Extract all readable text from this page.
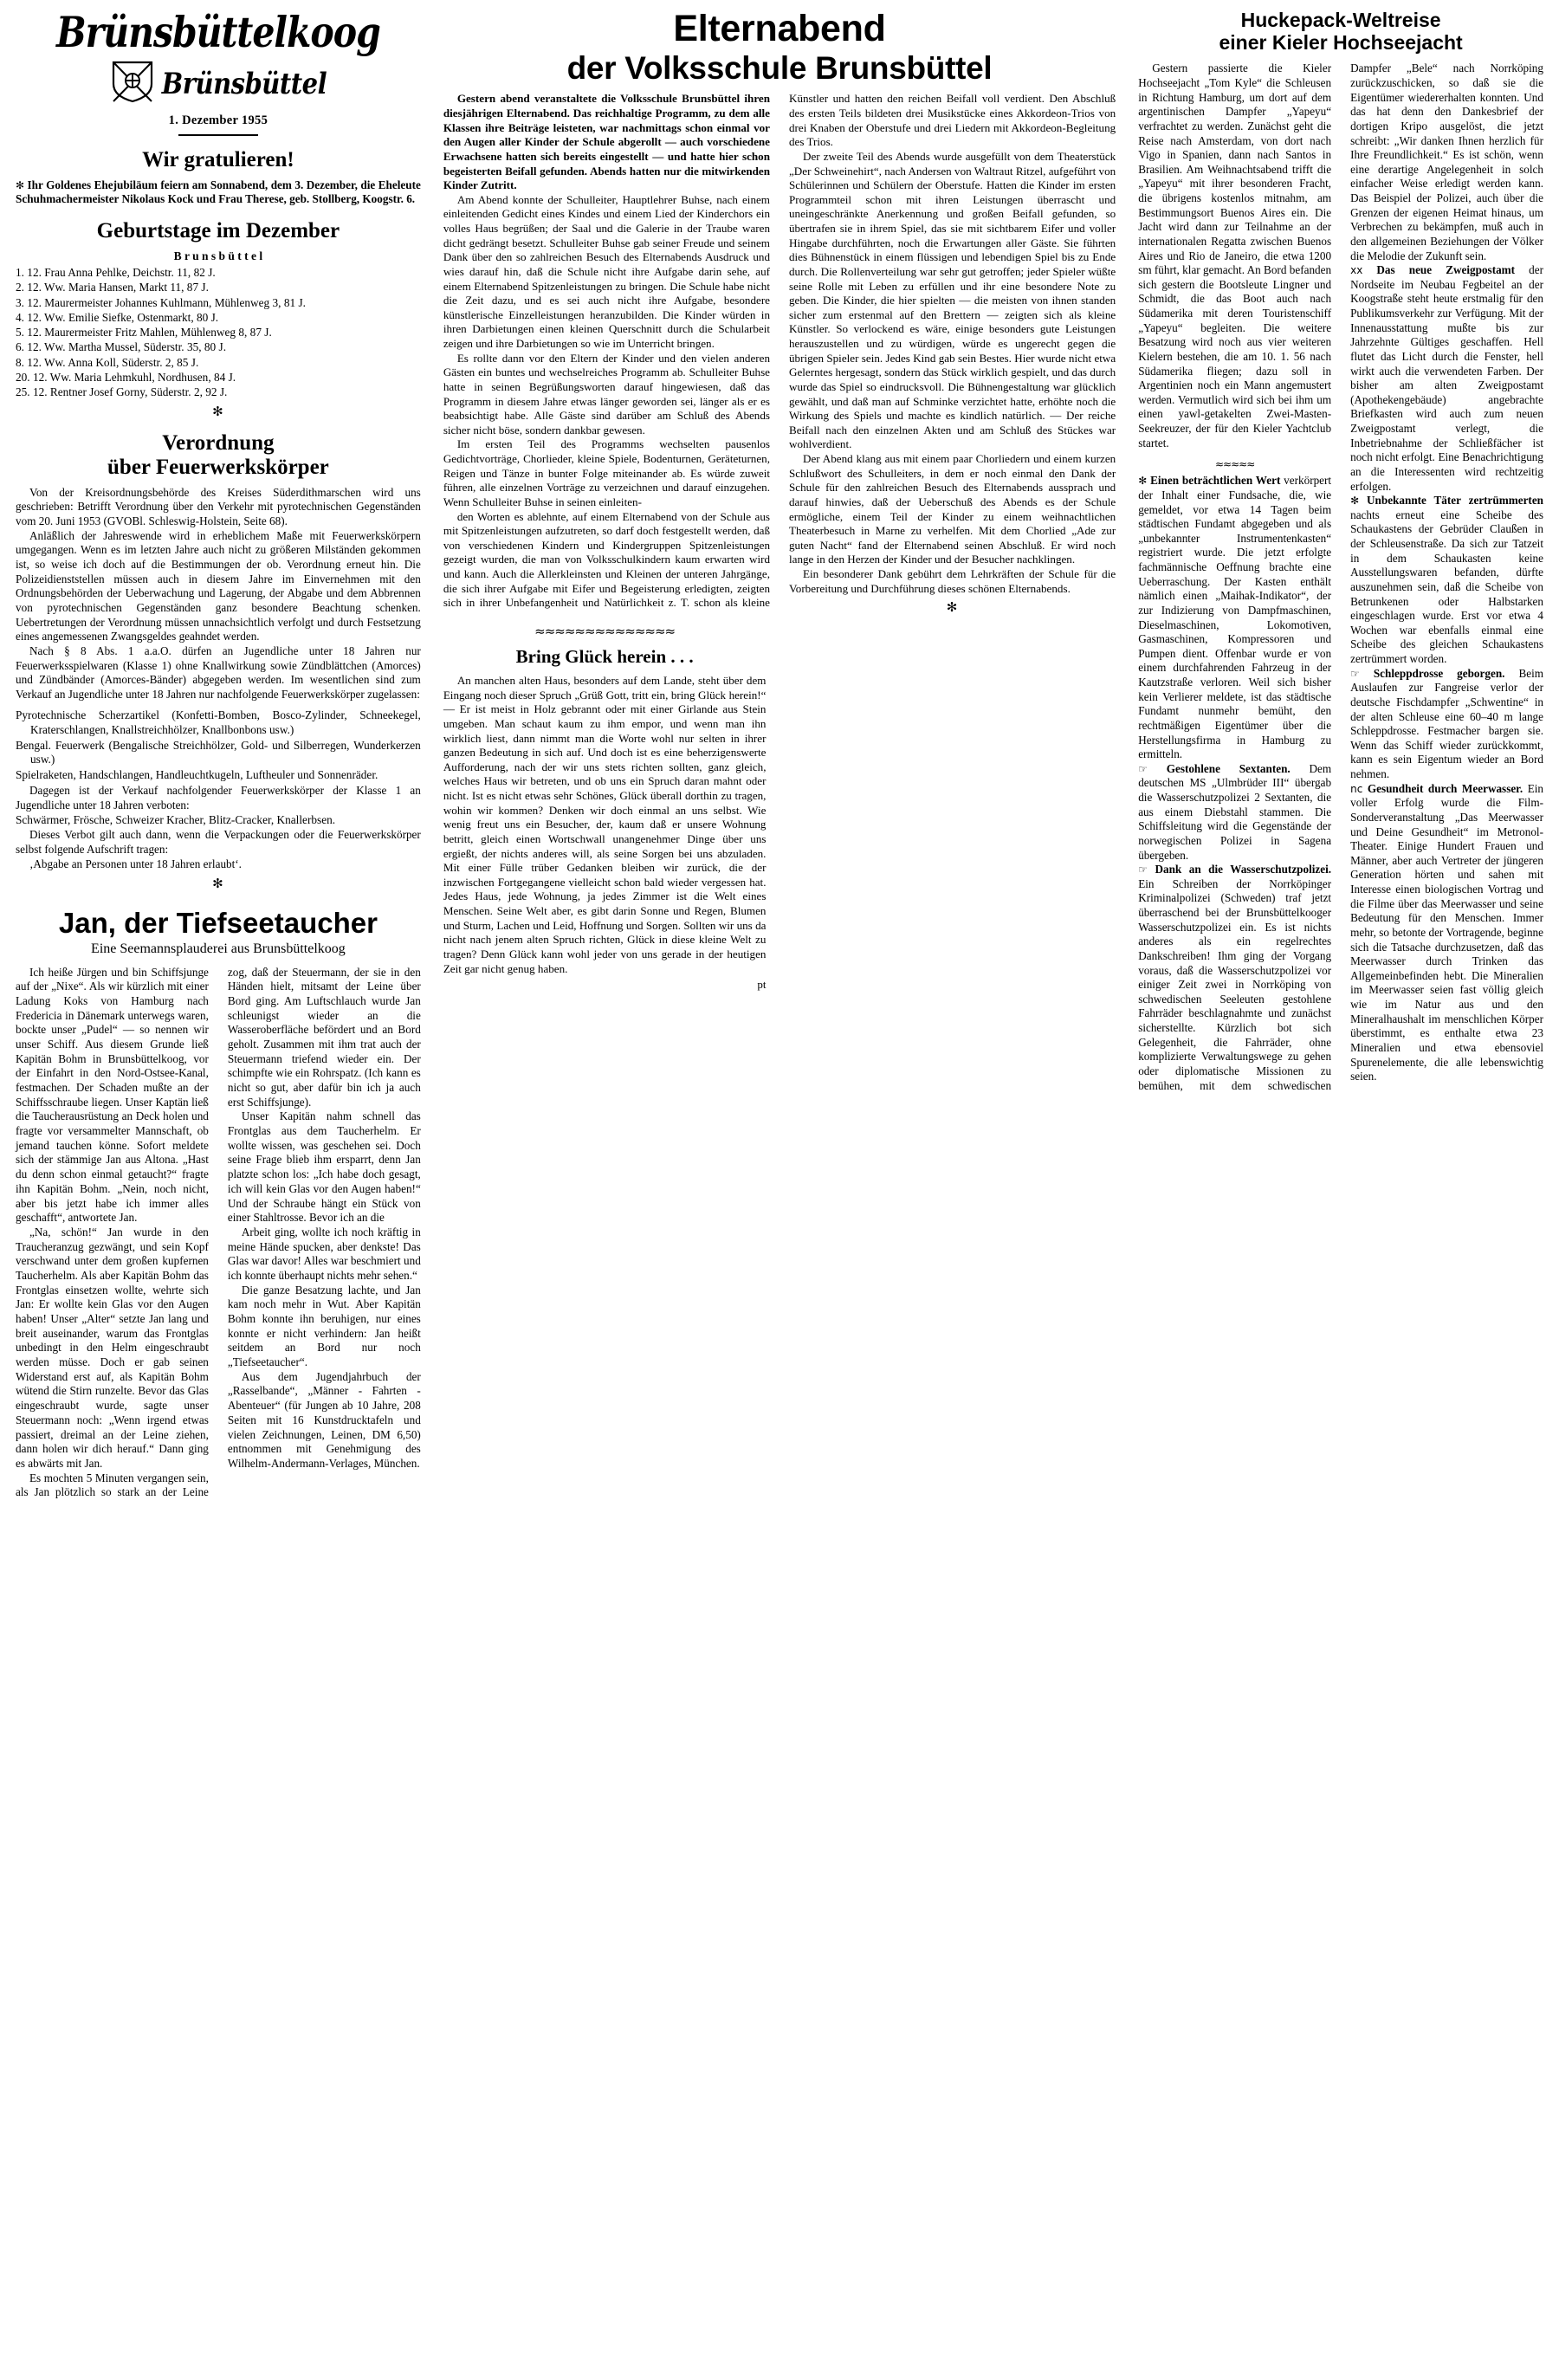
Brünsbüttelkoog
Brünsbüttel
1. Dezember 1955
Wir gratulieren!

✻ Ihr Goldenes Ehejubiläum feiern am Sonnabend, dem 3. Dezember, die Eheleute Schuhmachermeister Nikolaus Kock und Frau Therese, geb. Stollberg, Koogstr. 6.

Geburtstage im Dezember
B r u n s b ü t t e l
1. 12. Frau Anna Pehlke, Deichstr. 11, 82 J.
2. 12. Ww. Maria Hansen, Markt 11, 87 J.
3. 12. Maurermeister Johannes Kuhlmann, Mühlenweg 3, 81 J.
4. 12. Ww. Emilie Siefke, Ostenmarkt, 80 J.
5. 12. Maurermeister Fritz Mahlen, Mühlenweg 8, 87 J.
6. 12. Ww. Martha Mussel, Süderstr. 35, 80 J.
8. 12. Ww. Anna Koll, Süderstr. 2, 85 J.
20. 12. Ww. Maria Lehmkuhl, Nordhusen, 84 J.
25. 12. Rentner Josef Gorny, Süderstr. 2, 92 J.
✻
Verordnung
über Feuerwerkskörper

Von der Kreisordnungsbehörde des Kreises Süderdithmarschen wird uns geschrieben: Betrifft Verordnung über den Verkehr mit pyrotechnischen Gegenständen vom 20. Juni 1953 (GVOBl. Schleswig-Holstein, Seite 68).

Anläßlich der Jahreswende wird in erheblichem Maße mit Feuerwerkskörpern umgegangen. Wenn es im letzten Jahre auch nicht zu größeren Milständen gekommen ist, so weise ich doch auf die Bestimmungen der ob. Verordnung erneut hin. Die Polizeidienststellen müssen auch in diesem Jahre im Einvernehmen mit den Ordnungsbehörden der Ueberwachung und Lagerung, der Abgabe und dem Abbrennen von pyrotechnischen Gegenständen ganz besondere Beachtung schenken. Uebertretungen der Verordnung müssen unnachsichtlich verfolgt und durch Festsetzung eines angemessenen Zwangsgeldes geahndet werden.

Nach § 8 Abs. 1 a.a.O. dürfen an Jugendliche unter 18 Jahren nur Feuerwerksspielwaren (Klasse 1) ohne Knallwirkung sowie Zündblättchen (Amorces) und Zündbänder (Amorces-Bänder) abgegeben werden. Im wesentlichen sind zum Verkauf an Jugendliche unter 18 Jahren nur nachfolgende Feuerwerkskörper zugelassen:

Pyrotechnische Scherzartikel (Konfetti-Bomben, Bosco-Zylinder, Schneekegel, Kraterschlangen, Knallstreichhölzer, Knallbonbons usw.)
Bengal. Feuerwerk (Bengalische Streichhölzer, Gold- und Silberregen, Wunderkerzen usw.)
Spielraketen, Handschlangen, Handleuchtkugeln, Luftheuler und Sonnenräder.

Dagegen ist der Verkauf nachfolgender Feuerwerkskörper der Klasse 1 an Jugendliche unter 18 Jahren verboten:

Schwärmer, Frösche, Schweizer Kracher, Blitz-Cracker, Knallerbsen.

Dieses Verbot gilt auch dann, wenn die Verpackungen oder die Feuerwerkskörper selbst folgende Aufschrift tragen:

‚Abgabe an Personen unter 18 Jahren erlaubt‘.

✻
Jan, der Tiefseetaucher
Eine Seemannsplauderei aus Brunsbüttelkoog

Ich heiße Jürgen und bin Schiffsjunge auf der „Nixe“. Als wir kürzlich mit einer Ladung Koks von Hamburg nach Fredericia in Dänemark unterwegs waren, bockte unser „Pudel“ — so nennen wir unser Schiff. Aus diesem Grunde ließ Kapitän Bohm in Brunsbüttelkoog, vor der Einfahrt in den Nord-Ostsee-Kanal, festmachen. Der Schaden mußte an der Schiffsschraube liegen. Unser Kaptän ließ die Taucherausrüstung an Deck holen und fragte vor versammelter Mannschaft, ob jemand tauchen könne. Sofort meldete sich der stämmige Jan aus Altona. „Hast du denn schon einmal getaucht?“ fragte ihn Kapitän Bohm. „Nein, noch nicht, aber bis jetzt habe ich immer alles geschafft“, antwortete Jan.

„Na, schön!“ Jan wurde in den Traucheranzug gezwängt, und sein Kopf verschwand unter dem großen kupfernen Taucherhelm. Als aber Kapitän Bohm das Frontglas einsetzen wollte, wehrte sich Jan: Er wollte kein Glas vor den Augen haben! Unser „Alter“ setzte Jan lang und breit auseinander, warum das Frontglas unbedingt in den Helm eingeschraubt werden müsse. Doch er gab seinen Widerstand erst auf, als Kapitän Bohm wütend die Stirn runzelte. Bevor das Glas eingeschraubt wurde, sagte unser Steuermann noch: „Wenn irgend etwas passiert, dreimal an der Leine ziehen, dann holen wir dich herauf.“ Dann ging es abwärts mit Jan.

Es mochten 5 Minuten vergangen sein, als Jan plötzlich so stark an der Leine zog, daß der Steuermann, der sie in den Händen hielt, mitsamt der Leine über Bord ging. Am Luftschlauch wurde Jan schleunigst wieder an die Wasseroberfläche befördert und an Bord geholt. Zusammen mit ihm trat auch der Steuermann triefend wieder ein. Der schimpfte wie ein Rohrspatz. (Ich kann es nicht so gut, aber dafür bin ich ja auch erst Schiffsjunge).

Unser Kapitän nahm schnell das Frontglas aus dem Taucherhelm. Er wollte wissen, was geschehen sei. Doch seine Frage blieb ihm ersparrt, denn Jan platzte schon los: „Ich habe doch gesagt, ich will kein Glas vor den Augen haben!“ Und der Schraube hängt ein Stück von einer Stahltrosse. Bevor ich an die

Arbeit ging, wollte ich noch kräftig in meine Hände spucken, aber denkste! Das Glas war davor! Alles war beschmiert und ich konnte überhaupt nichts mehr sehen.“

Die ganze Besatzung lachte, und Jan kam noch mehr in Wut. Aber Kapitän Bohm konnte ihn beruhigen, nur eines konnte er nicht verhindern: Jan heißt seitdem an Bord nur noch „Tiefseetaucher“.

Aus dem Jugendjahrbuch der „Rasselbande“, „Männer - Fahrten - Abenteuer“ (für Jungen ab 10 Jahre, 208 Seiten mit 16 Kunstdrucktafeln und vielen Zeichnungen, Leinen, DM 6,50) entnommen mit Genehmigung des Wilhelm-Andermann-Verlages, München.

Elternabend
der Volksschule Brunsbüttel

Gestern abend veranstaltete die Volksschule Brunsbüttel ihren diesjährigen Elternabend. Das reichhaltige Programm, zu dem alle Klassen ihre Beiträge leisteten, war nachmittags schon einmal vor den Augen aller Kinder der Schule abgerollt — auch vorschiedene Erwachsene hatten sich bereits eingestellt — und hatte hier schon begeisterten Beifall gefunden. Abends hatten nur die mitwirkenden Kinder Zutritt.

Am Abend konnte der Schulleiter, Hauptlehrer Buhse, nach einem einleitenden Gedicht eines Kindes und einem Lied der Kinderchors ein volles Haus begrüßen; der Saal und die Galerie in der Traube waren dicht gedrängt besetzt. Schulleiter Buhse gab seiner Freude und seinem Dank über den so zahlreichen Besuch des Elternabends Ausdruck und wies darauf hin, daß die Schule nicht ihre Aufgabe darin sehe, auf einem Elternabend Spitzenleistungen zu bringen. Die Schule habe nicht die Zeit dazu, und es sei auch nicht ihre Aufgabe, besondere künstlerische Einzelleistungen heranzubilden. Die Kinder würden in ihren Darbietungen einen kleinen Querschnitt durch die Schularbeit zeigen und ihre Darbietungen so wie im Unterricht bringen.

Es rollte dann vor den Eltern der Kinder und den vielen anderen Gästen ein buntes und wechselreiches Programm ab. Schulleiter Buhse hatte in seinen Begrüßungsworten darauf hingewiesen, daß das Programm in diesem Jahre etwas länger geworden sei, länger als er es beabsichtigt habe. Alle Gäste sind darüber am Schluß des Abends sicher nicht böse, sondern dankbar gewesen.

Im ersten Teil des Programms wechselten pausenlos Gedichtvorträge, Chorlieder, kleine Spiele, Bodenturnen, Geräteturnen, Reigen und Tänze in bunter Folge miteinander ab. Es würde zuweit führen, alle einzelnen Vorträge zu verzeichnen und darauf einzugehen. Wenn Schulleiter Buhse in seinen einleiten-

den Worten es ablehnte, auf einem Elternabend von der Schule aus mit Spitzenleistungen aufzutreten, so darf doch festgestellt werden, daß von verschiedenen Kindern und Kindergruppen Spitzenleistungen gezeigt wurden, die man von Volksschulkindern kaum erwarten wird und kann. Auch die Allerkleinsten und Kleinen der unteren Jahrgänge, die sich ihrer Aufgabe mit Eifer und Begeisterung erledigten, zeigten sich in ihrer Unbefangenheit und Natürlichkeit z. T. schon als kleine Künstler und hatten den reichen Beifall voll verdient. Den Abschluß des ersten Teils bildeten drei Musikstücke eines Akkordeon-Trios von drei Knaben der Oberstufe und drei Liedern mit Akkordeon-Begleitung des Trios.

Der zweite Teil des Abends wurde ausgefüllt von dem Theaterstück „Der Schweinehirt“, nach Andersen von Waltraut Ritzel, aufgeführt von Schülerinnen und Schülern der Oberstufe. Hatten die Kinder im ersten Programmteil schon mit ihren Leistungen überrascht und uneingeschränkte Anerkennung und großen Beifall gefunden, so übertrafen sie in ihrem Spiel, das sie mit sichtbarem Eifer und voller Hingabe durchführten, noch die Erwartungen aller Gäste. Sie führten dies Bühnenstück in einem flüssigen und lebendigen Spiel bis zu Ende durch. Die Rollenverteilung war sehr gut getroffen; jeder Spieler wüßte seine Rolle mit Leben zu erfüllen und ihr eine besondere Note zu geben. Die Kinder, die hier spielten — die meisten von ihnen standen sicher zum erstenmal auf den Brettern — zeigten sich als kleine Künstler. So verlockend es wäre, einige besonders gute Leistungen herauszustellen und zu würdigen, würde es ungerecht gegen die übrigen Spieler sein. Jedes Kind gab sein Bestes. Hier wurde nicht etwa Gelerntes hergesagt, sondern das Stück wirklich gespielt, und das durch wurde das Spiel so eindrucksvoll. Die Bühnengestaltung war glücklich gewählt, und daß man auf Schminke verzichtet hatte, erhöhte noch die Wirkung des Spiels und machte es kindlich natürlich. — Der reiche Beifall nach den einzelnen Akten und am Schluß des Stückes war wohlverdient.

Der Abend klang aus mit einem paar Chorliedern und einem kurzen Schlußwort des Schulleiters, in dem er noch einmal den Dank der Schule für den zahlreichen Besuch des Elternabends aussprach und darauf hinwies, daß der Ueberschuß des Abends es der Schule ermögliche, einem Teil der Kinder zu einem weihnachtlichen Theaterbesuch in Marne zu verhelfen. Mit dem Chorlied „Ade zur guten Nacht“ fand der Elternabend seinen Abschluß. Er wird noch lange in den Herzen der Kinder und der Besucher nachklingen.

Ein besonderer Dank gebührt dem Lehrkräften der Schule für die Vorbereitung und Durchführung dieses schönen Elternabends.

✻
≈≈≈≈≈≈≈≈≈≈≈≈≈≈
Bring Glück herein . . .

An manchen alten Haus, besonders auf dem Lande, steht über dem Eingang noch dieser Spruch „Grüß Gott, tritt ein, bring Glück herein!“ — Er ist meist in Holz gebrannt oder mit einer Girlande aus Stein umgeben. Man schaut kaum zu ihm empor, und wenn man ihn wirklich liest, dann nimmt man die Worte wohl nur selten in ihrer ganzen Bedeutung in sich auf. Und doch ist es eine beherzigenswerte Aufforderung, nach der wir uns stets richten sollten, ganz gleich, welches Haus wir betreten, und ob uns ein Spruch daran mahnt oder nicht. Ist es nicht etwas sehr Schönes, Glück überall dorthin zu tragen, wohin wir kommen? Denken wir doch einmal an uns selbst. Wie wenig freut uns ein Besucher, der, kaum daß er unsere Wohnung betritt, gleich einen Wortschwall unangenehmer Dinge über uns ergießt, der nichts anderes will, als seine Sorgen bei uns abzuladen. Mit einer Fülle trüber Gedanken bleiben wir zurück, die der inzwischen Fortgegangene vielleicht schon bald wieder vergessen hat. Jedes Haus, jede Wohnung, ja jedes Zimmer ist die Welt eines Menschen. Seine Welt aber, es gibt darin Sonne und Regen, Blumen und Sturm, Lachen und Leid, Hoffnung und Sorgen. Sollten wir uns da nicht nach jenem alten Spruch richten, Glück in diese kleine Welt zu tragen? Denn Glück kann wohl jeder von uns gerade in der heutigen Zeit gar nicht genug haben.

pt
Huckepack-Weltreise
einer Kieler Hochseejacht

Gestern passierte die Kieler Hochseejacht „Tom Kyle“ die Schleusen in Richtung Hamburg, um dort auf dem argentinischen Dampfer „Yapeyu“ verfrachtet zu werden. Zunächst geht die Reise nach Amsterdam, von dort nach Vigo in Spanien, dann nach Santos in Brasilien. Am Weihnachtsabend trifft die „Yapeyu“ mit ihrer besonderen Fracht, die übrigens kostenlos mitnahm, am Bestimmungsort Buenos Aires ein. Die Jacht wird dann zur Teilnahme an der internationalen Regatta zwischen Buenos Aires und Rio de Janeiro, die etwa 1200 sm führt, klar gemacht. An Bord befanden sich gestern die Bootsleute Lingner und Schmidt, die das Boot auch nach Südamerika mit deren Touristenschiff „Yapeyu“ begleiten. Die weitere Besatzung wird noch aus vier weiteren Kielern bestehen, die am 10. 1. 56 nach Südamerika fliegen; dazu soll in Argentinien noch ein Mann angemustert werden. Vermutlich wird sich bei ihm um einen yawl-getakelten Zwei-Masten-Seekreuzer, der für den Kieler Yachtclub startet.

≈≈≈≈≈

✻ Einen beträchtlichen Wert verkörpert der Inhalt einer Fundsache, die, wie gemeldet, vor etwa 14 Tagen beim städtischen Fundamt abgegeben und als „unbekannter Instrumentenkasten“ registriert wurde. Die jetzt erfolgte fachmännische Oeffnung brachte eine Ueberraschung. Der Kasten enthält nämlich einen „Maihak-Indikator“, der zur Indizierung von Dampfmaschinen, Dieselmaschinen, Lokomotiven, Gasmaschinen, Kompressoren und Pumpen dient. Offenbar wurde er von einem durchfahrenden Fahrzeug in der Kautzstraße verloren. Weil sich bisher kein Verlierer meldete, ist das städtische Fundamt nunmehr bemüht, den rechtmäßigen Eigentümer über die Herstellungsfirma in Hamburg zu ermitteln.

☞ Gestohlene Sextanten. Dem deutschen MS „Ulmbrüder III“ übergab die Wasserschutzpolizei 2 Sextanten, die aus einem Diebstahl stammen. Die Schiffsleitung wird die Gegenstände der norwegischen Polizei in Sagena übergeben.

☞ Dank an die Wasserschutzpolizei. Ein Schreiben der Norrköpinger Kriminalpolizei (Schweden) traf jetzt überraschend bei der Brunsbüttelkooger Wasserschutzpolizei ein. Es ist nichts anderes als ein regelrechtes Dankschreiben! Ihm ging der Vorgang voraus, daß die Wasserschutzpolizei vor einiger Zeit zwei in Norrköping von schwedischen Seeleuten gestohlene Fahrräder beschlagnahmte und zunächst sicherstellte. Kürzlich bot sich Gelegenheit, die Fahrräder, ohne komplizierte Verwaltungswege zu gehen oder diplomatische Missionen zu bemühen, mit dem schwedischen Dampfer „Bele“ nach Norrköping zurückzuschicken, so daß sie die Eigentümer wiedererhalten konnten. Und das hat denn den Dankesbrief der dortigen Kripo ausgelöst, die jetzt schreibt: „Wir danken Ihnen herzlich für Ihre Freundlichkeit.“ Es ist schön, wenn eine derartige Angelegenheit in solch einfacher Weise erledigt werden kann. Das Beispiel der Polizei, auch über die Grenzen der eigenen Heimat hinaus, um Verbrechen zu bekämpfen, muß auch in den allgemeinen Beziehungen der Völker die Melodie der Zukunft sein.

xx Das neue Zweigpostamt der Nordseite im Neubau Fegbeitel an der Koogstraße steht heute erstmalig für den Publikumsverkehr zur Verfügung. Mit der Innenausstattung mußte bis zur Jahrzehnte Gültiges geschaffen. Hell flutet das Licht durch die Fenster, hell wirkt auch die verwendeten Farben. Der bisher am alten Zweigpostamt (Apothekengebäude) angebrachte Briefkasten wird auch zum neuen Zweigpostamt verlegt, die Inbetriebnahme der Schließfächer ist noch nicht erfolgt. Eine Benachrichtigung an die Interessenten wird rechtzeitig erfolgen.

✻ Unbekannte Täter zertrümmerten nachts erneut eine Scheibe des Schaukastens der Gebrüder Claußen in der Schleusenstraße. Da sich zur Tatzeit in dem Schaukasten keine Ausstellungswaren befanden, dürfte auszunehmen sein, daß die Scheibe von Betrunkenen oder Halbstarken eingeschlagen wurde. Erst vor etwa 4 Wochen war ebenfalls einmal eine Scheibe des gleichen Schaukastens zertrümmert worden.

☞ Schleppdrosse geborgen. Beim Auslaufen zur Fangreise verlor der deutsche Fischdampfer „Schwentine“ in der alten Schleuse eine 60–40 m lange Schleppdrosse. Festmacher bargen sie. Wenn das Schiff wieder zurückkommt, kann es sein Eigentum wieder an Bord nehmen.

nc Gesundheit durch Meerwasser. Ein voller Erfolg wurde die Film-Sonderveranstaltung „Das Meerwasser und Deine Gesundheit“ im Metronol-Theater. Einige Hundert Frauen und Männer, aber auch Vertreter der jüngeren Generation hörten und sahen mit Interesse einen biologischen Vortrag und die Filme über das Meerwasser und seine Bedeutung für den Menschen. Immer mehr, so betonte der Vortragende, beginne sich die Tatsache durchzusetzen, daß das Meerwasser durch Trinken das Allgemeinbefinden hebt. Die Mineralien im Meerwasser seien fast völlig gleich wie im Natur aus und den Mineralhaushalt im menschlichen Körper überstimmt, es enthalte etwa 23 Mineralien und etwa ebensoviel Spurenelemente, die alle lebenswichtig seien.
